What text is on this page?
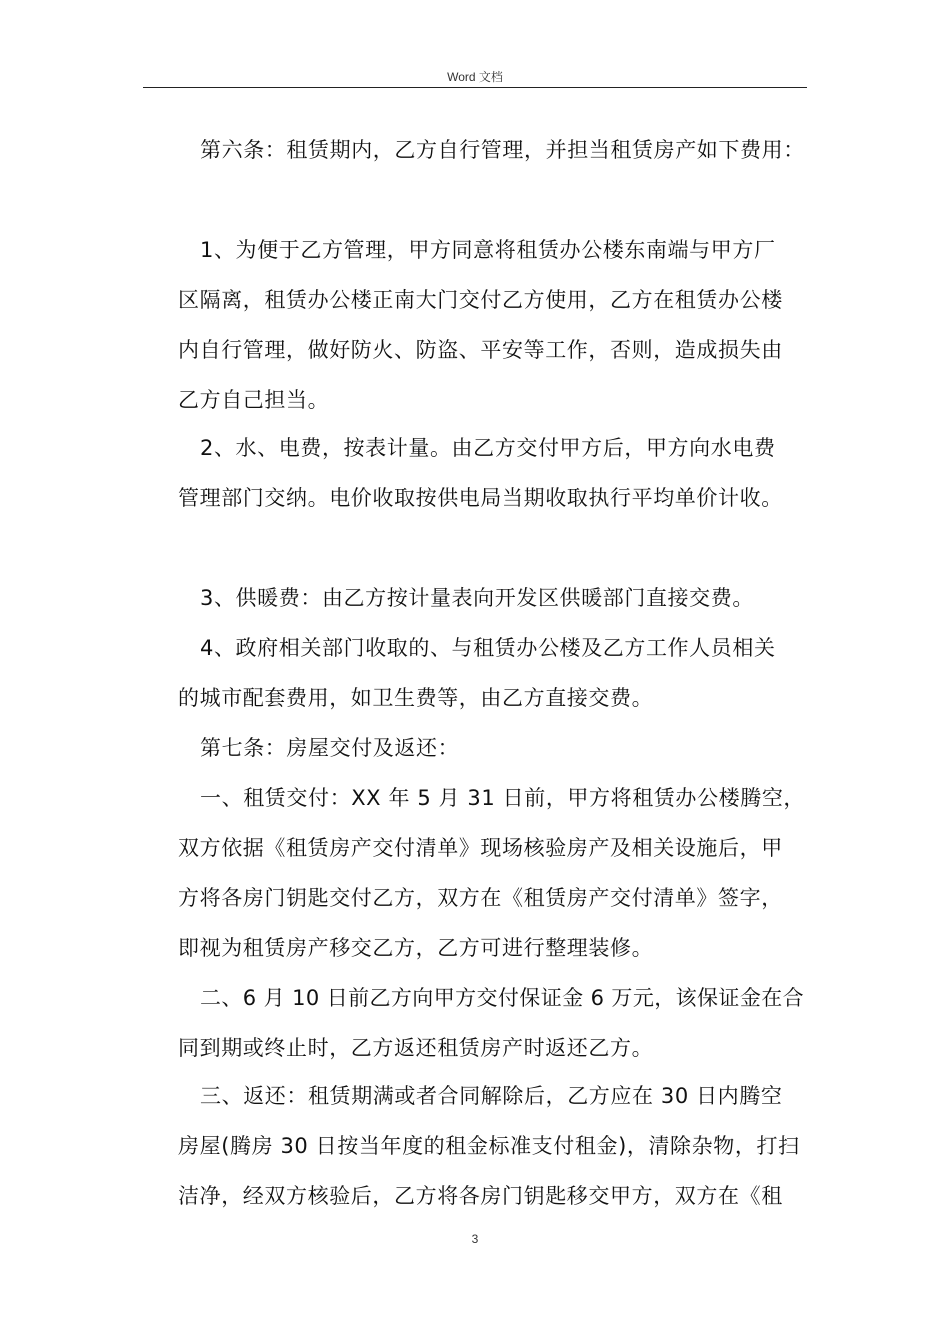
Word 文档
第六条：租赁期内，乙方自行管理，并担当租赁房产如下费用：
1、为便于乙方管理，甲方同意将租赁办公楼东南端与甲方厂
区隔离，租赁办公楼正南大门交付乙方使用，乙方在租赁办公楼
内自行管理，做好防火、防盗、平安等工作，否则，造成损失由
乙方自己担当。
2、水、电费，按表计量。由乙方交付甲方后，甲方向水电费
管理部门交纳。电价收取按供电局当期收取执行平均单价计收。
3、供暖费：由乙方按计量表向开发区供暖部门直接交费。
4、政府相关部门收取的、与租赁办公楼及乙方工作人员相关
的城市配套费用，如卫生费等，由乙方直接交费。
第七条：房屋交付及返还：
一、租赁交付：XX 年 5 月 31 日前，甲方将租赁办公楼腾空，
双方依据《租赁房产交付清单》现场核验房产及相关设施后，甲
方将各房门钥匙交付乙方，双方在《租赁房产交付清单》签字，
即视为租赁房产移交乙方，乙方可进行整理装修。
二、6 月 10 日前乙方向甲方交付保证金 6 万元，该保证金在合
同到期或终止时，乙方返还租赁房产时返还乙方。
三、返还：租赁期满或者合同解除后，乙方应在 30 日内腾空
房屋(腾房 30 日按当年度的租金标准支付租金)，清除杂物，打扫
洁净，经双方核验后，乙方将各房门钥匙移交甲方，双方在《租
3
